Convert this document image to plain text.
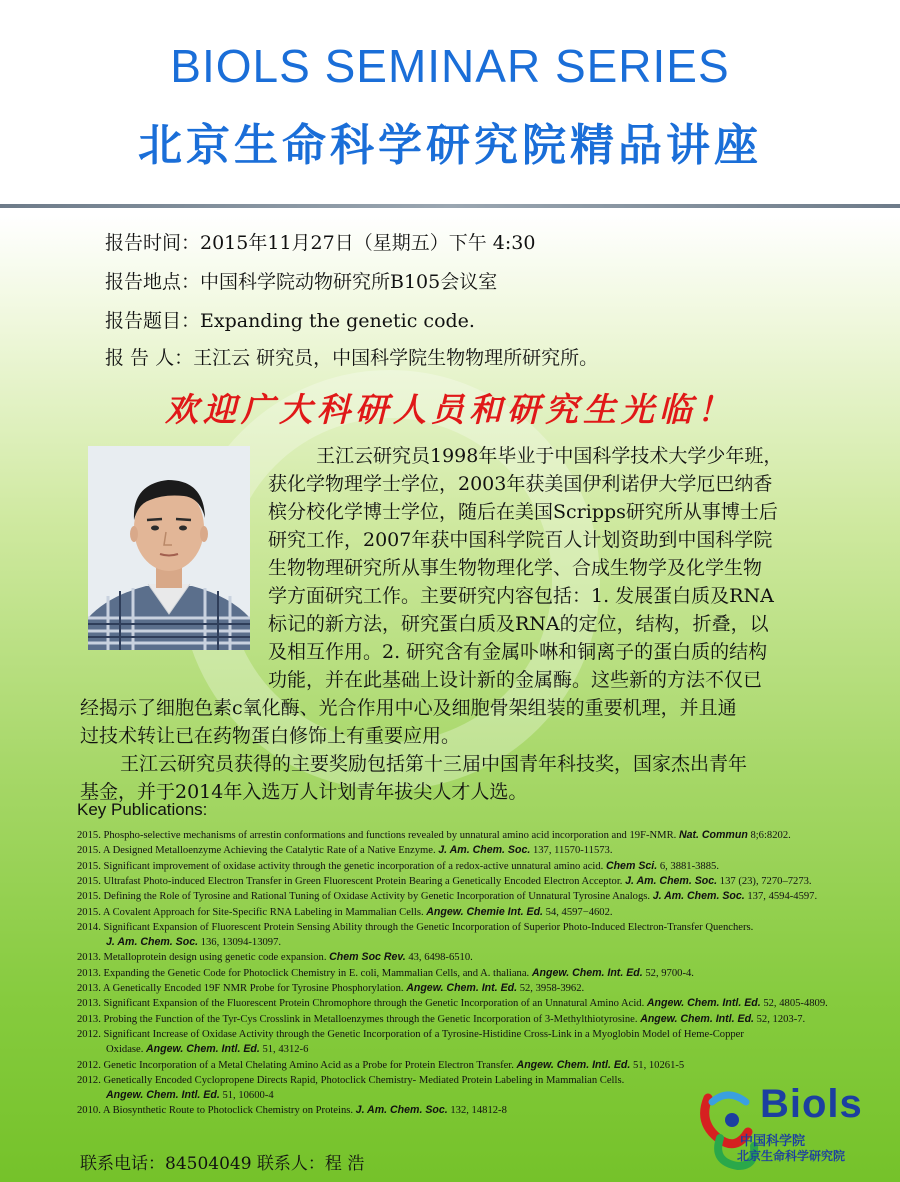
BIOLS SEMINAR SERIES
北京生命科学研究院精品讲座
报告时间：2015年11月27日（星期五）下午 4:30
报告地点：中国科学院动物研究所B105会议室
报告题目：Expanding the genetic code.
报 告 人：王江云 研究员，中国科学院生物物理所研究所。
欢迎广大科研人员和研究生光临！
王江云研究员1998年毕业于中国科学技术大学少年班，
获化学物理学士学位，2003年获美国伊利诺伊大学厄巴纳香
槟分校化学博士学位，随后在美国Scripps研究所从事博士后
研究工作，2007年获中国科学院百人计划资助到中国科学院
生物物理研究所从事生物物理化学、合成生物学及化学生物
学方面研究工作。主要研究内容包括：1. 发展蛋白质及RNA
标记的新方法，研究蛋白质及RNA的定位，结构，折叠，以
及相互作用。2. 研究含有金属卟啉和铜离子的蛋白质的结构
功能，并在此基础上设计新的金属酶。这些新的方法不仅已
经揭示了细胞色素c氧化酶、光合作用中心及细胞骨架组装的重要机理，并且通
过技术转让已在药物蛋白修饰上有重要应用。
王江云研究员获得的主要奖励包括第十三届中国青年科技奖，国家杰出青年
基金，并于2014年入选万人计划青年拔尖人才人选。
Key Publications:
2015. Phospho-selective mechanisms of arrestin conformations and functions revealed by unnatural amino acid incorporation and 19F-NMR. Nat. Commun 8;6:8202.
2015. A Designed Metalloenzyme Achieving the Catalytic Rate of a Native Enzyme. J. Am. Chem. Soc. 137, 11570-11573.
2015. Significant improvement of oxidase activity through the genetic incorporation of a redox-active unnatural amino acid. Chem Sci. 6, 3881-3885.
2015. Ultrafast Photo-induced Electron Transfer in Green Fluorescent Protein Bearing a Genetically Encoded Electron Acceptor. J. Am. Chem. Soc. 137 (23), 7270–7273.
2015. Defining the Role of Tyrosine and Rational Tuning of Oxidase Activity by Genetic Incorporation of Unnatural Tyrosine Analogs. J. Am. Chem. Soc. 137, 4594-4597.
2015. A Covalent Approach for Site-Specific RNA Labeling in Mammalian Cells. Angew. Chemie Int. Ed. 54, 4597−4602.
2014. Significant Expansion of Fluorescent Protein Sensing Ability through the Genetic Incorporation of Superior Photo-Induced Electron-Transfer Quenchers.
J. Am. Chem. Soc. 136, 13094-13097.
2013. Metalloprotein design using genetic code expansion. Chem Soc Rev. 43, 6498-6510.
2013. Expanding the Genetic Code for Photoclick Chemistry in E. coli, Mammalian Cells, and A. thaliana. Angew. Chem. Int. Ed. 52, 9700-4.
2013. A Genetically Encoded 19F NMR Probe for Tyrosine Phosphorylation. Angew. Chem. Int. Ed. 52, 3958-3962.
2013. Significant Expansion of the Fluorescent Protein Chromophore through the Genetic Incorporation of an Unnatural Amino Acid. Angew. Chem. Intl. Ed. 52, 4805-4809.
2013. Probing the Function of the Tyr-Cys Crosslink in Metalloenzymes through the Genetic Incorporation of 3-Methylthiotyrosine. Angew. Chem. Intl. Ed. 52, 1203-7.
2012. Significant Increase of Oxidase Activity through the Genetic Incorporation of a Tyrosine-Histidine Cross-Link in a Myoglobin Model of Heme-Copper
Oxidase. Angew. Chem. Intl. Ed. 51, 4312-6
2012. Genetic Incorporation of a Metal Chelating Amino Acid as a Probe for Protein Electron Transfer. Angew. Chem. Intl. Ed. 51, 10261-5
2012. Genetically Encoded Cyclopropene Directs Rapid, Photoclick Chemistry- Mediated Protein Labeling in Mammalian Cells.
Angew. Chem. Intl. Ed. 51, 10600-4
2010. A Biosynthetic Route to Photoclick Chemistry on Proteins. J. Am. Chem. Soc. 132, 14812-8
联系电话：84504049 联系人：程 浩
Biols
中国科学院
北京生命科学研究院
